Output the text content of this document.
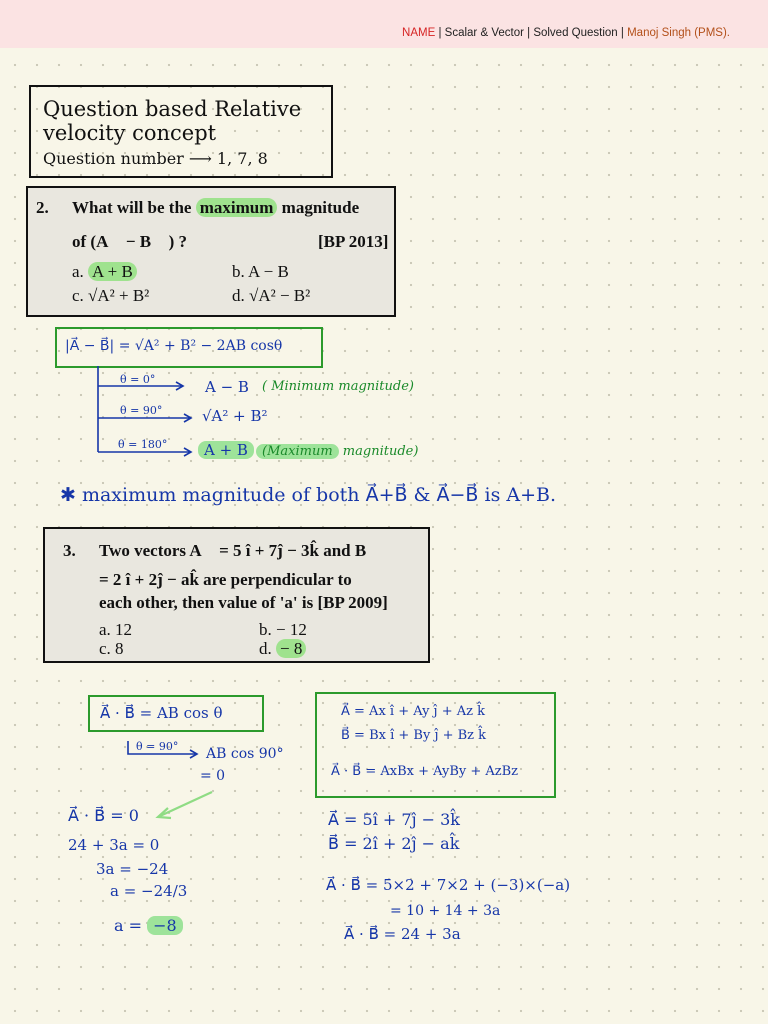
NAME | Scalar & Vector | Solved Question | Manoj Singh (PMS).
Question based Relative
velocity concept
Question number ⟶ 1, 7, 8
2. What will be the maximum magnitude
of (A⃗ − B⃗ ) ?	[BP 2013]
a. A + B	b. A − B
c. √A² + B²	d. √A² − B²
|A⃗ − B⃗| = √A² + B² − 2AB cosθ
θ = 0°	A − B ( Minimum magnitude)
θ = 90°	√A² + B²
θ = 180°	A + B	(Maximum magnitude)
✱ maximum magnitude of both A⃗+B⃗ & A⃗−B⃗ is A+B.
3. Two vectors A⃗ = 5 î + 7ĵ − 3k̂ and B⃗
= 2 î + 2ĵ − ak̂ are perpendicular to
each other, then value of 'a' is [BP 2009]
a. 12	b. − 12
c. 8	d. − 8
A⃗ · B⃗ = AB cos θ
θ = 90° AB cos 90°
= 0
A⃗ · B⃗ = 0
24 + 3a = 0
3a = −24
a = −24/3
a = −8
A⃗ = Ax î + Ay ĵ + Az k̂
B⃗ = Bx î + By ĵ + Bz k̂
A⃗ · B⃗ = AxBx + AyBy + AzBz
A⃗ = 5î + 7ĵ − 3k̂
B⃗ = 2î + 2ĵ − ak̂
A⃗ · B⃗ = 5×2 + 7×2 + (−3)×(−a)
= 10 + 14 + 3a
A⃗ · B⃗ = 24 + 3a
